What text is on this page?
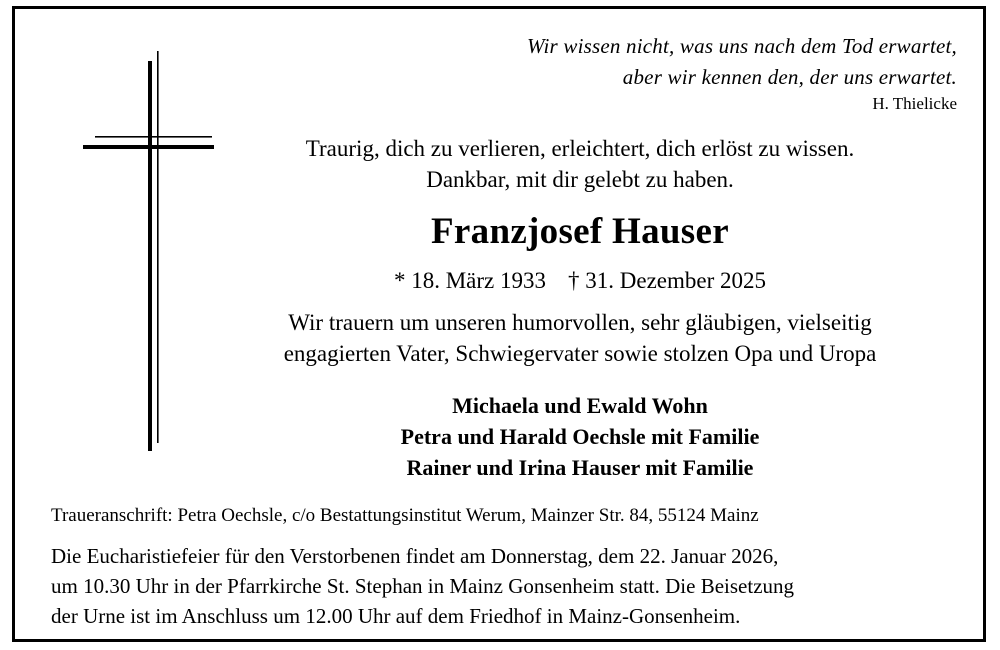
Wir wissen nicht, was uns nach dem Tod erwartet,
aber wir kennen den, der uns erwartet.
H. Thielicke
Traurig, dich zu verlieren, erleichtert, dich erlöst zu wissen.
Dankbar, mit dir gelebt zu haben.
Franzjosef Hauser
* 18. März 1933 † 31. Dezember 2025
Wir trauern um unseren humorvollen, sehr gläubigen, vielseitig
engagierten Vater, Schwiegervater sowie stolzen Opa und Uropa
Michaela und Ewald Wohn
Petra und Harald Oechsle mit Familie
Rainer und Irina Hauser mit Familie
Traueranschrift: Petra Oechsle, c/o Bestattungsinstitut Werum, Mainzer Str. 84, 55124 Mainz
Die Eucharistiefeier für den Verstorbenen findet am Donnerstag, dem 22. Januar 2026,
um 10.30 Uhr in der Pfarrkirche St. Stephan in Mainz Gonsenheim statt. Die Beisetzung
der Urne ist im Anschluss um 12.00 Uhr auf dem Friedhof in Mainz-Gonsenheim.
